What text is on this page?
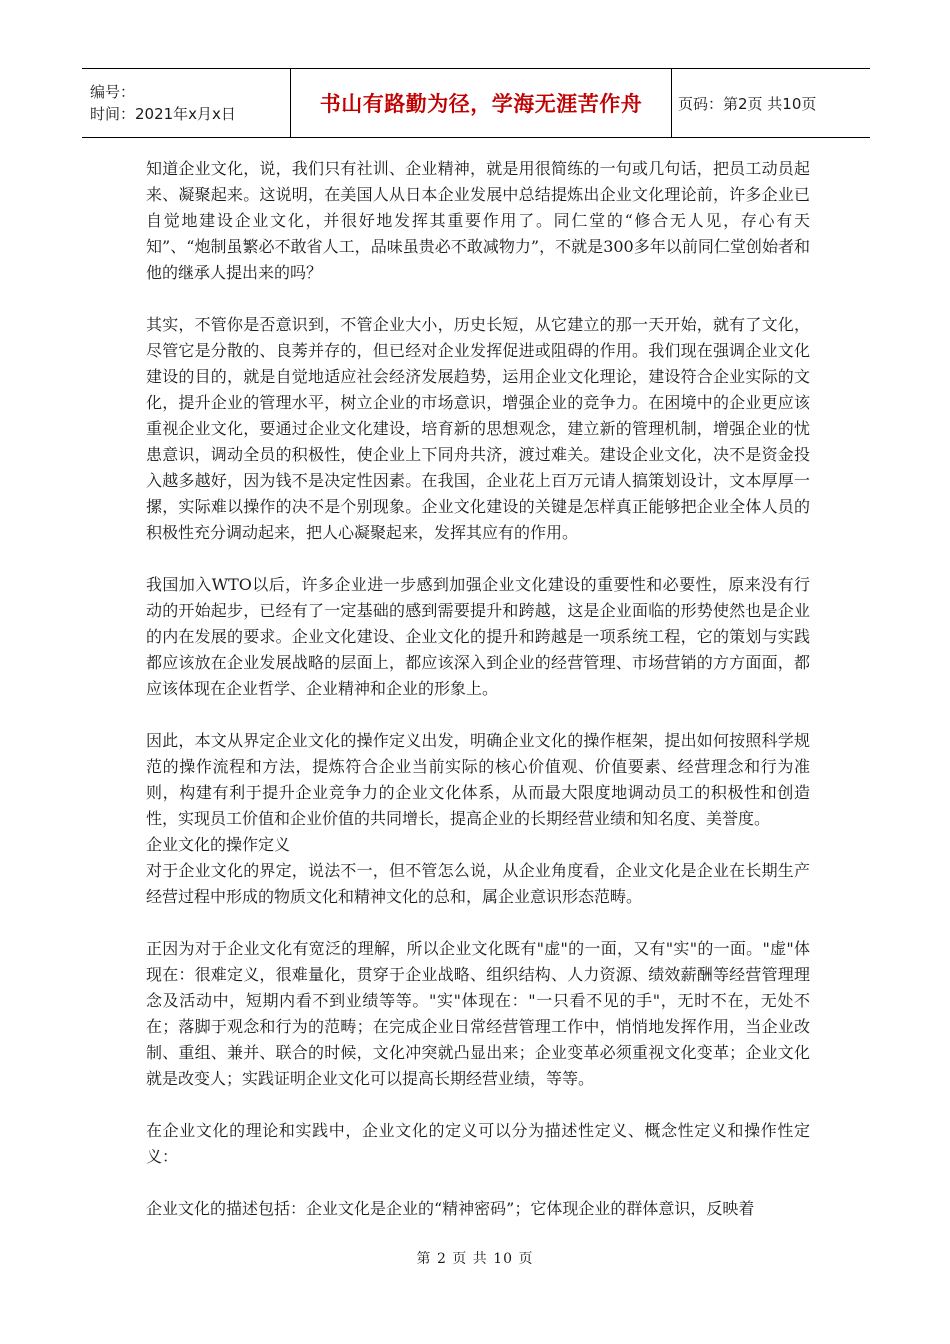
编号：
时间：2021年x月x日	书山有路勤为径，学海无涯苦作舟	页码：第2页 共10页

知道企业文化，说，我们只有社训、企业精神，就是用很简练的一句或几句话，把员工动员起来、凝聚起来。这说明，在美国人从日本企业发展中总结提炼出企业文化理论前，许多企业已自觉地建设企业文化，并很好地发挥其重要作用了。同仁堂的“修合无人见，存心有天知”、“炮制虽繁必不敢省人工，品味虽贵必不敢减物力”，不就是300多年以前同仁堂创始者和他的继承人提出来的吗？

其实，不管你是否意识到，不管企业大小，历史长短，从它建立的那一天开始，就有了文化，尽管它是分散的、良莠并存的，但已经对企业发挥促进或阻碍的作用。我们现在强调企业文化建设的目的，就是自觉地适应社会经济发展趋势，运用企业文化理论，建设符合企业实际的文化，提升企业的管理水平，树立企业的市场意识，增强企业的竞争力。在困境中的企业更应该重视企业文化，要通过企业文化建设，培育新的思想观念，建立新的管理机制，增强企业的忧患意识，调动全员的积极性，使企业上下同舟共济，渡过难关。建设企业文化，决不是资金投入越多越好，因为钱不是决定性因素。在我国，企业花上百万元请人搞策划设计，文本厚厚一摞，实际难以操作的决不是个别现象。企业文化建设的关键是怎样真正能够把企业全体人员的积极性充分调动起来，把人心凝聚起来，发挥其应有的作用。

我国加入WTO以后，许多企业进一步感到加强企业文化建设的重要性和必要性，原来没有行动的开始起步，已经有了一定基础的感到需要提升和跨越，这是企业面临的形势使然也是企业的内在发展的要求。企业文化建设、企业文化的提升和跨越是一项系统工程，它的策划与实践都应该放在企业发展战略的层面上，都应该深入到企业的经营管理、市场营销的方方面面，都应该体现在企业哲学、企业精神和企业的形象上。

因此，本文从界定企业文化的操作定义出发，明确企业文化的操作框架，提出如何按照科学规范的操作流程和方法，提炼符合企业当前实际的核心价值观、价值要素、经营理念和行为准则，构建有利于提升企业竞争力的企业文化体系，从而最大限度地调动员工的积极性和创造性，实现员工价值和企业价值的共同增长，提高企业的长期经营业绩和知名度、美誉度。

企业文化的操作定义

对于企业文化的界定，说法不一，但不管怎么说，从企业角度看，企业文化是企业在长期生产经营过程中形成的物质文化和精神文化的总和，属企业意识形态范畴。

正因为对于企业文化有宽泛的理解，所以企业文化既有"虚"的一面，又有"实"的一面。"虚"体现在：很难定义，很难量化，贯穿于企业战略、组织结构、人力资源、绩效薪酬等经营管理理念及活动中，短期内看不到业绩等等。"实"体现在："一只看不见的手"，无时不在，无处不在；落脚于观念和行为的范畴；在完成企业日常经营管理工作中，悄悄地发挥作用，当企业改制、重组、兼并、联合的时候，文化冲突就凸显出来；企业变革必须重视文化变革；企业文化就是改变人；实践证明企业文化可以提高长期经营业绩，等等。

在企业文化的理论和实践中，企业文化的定义可以分为描述性定义、概念性定义和操作性定义：

企业文化的描述包括：企业文化是企业的“精神密码”；它体现企业的群体意识，反映着

第 2 页 共 10 页
